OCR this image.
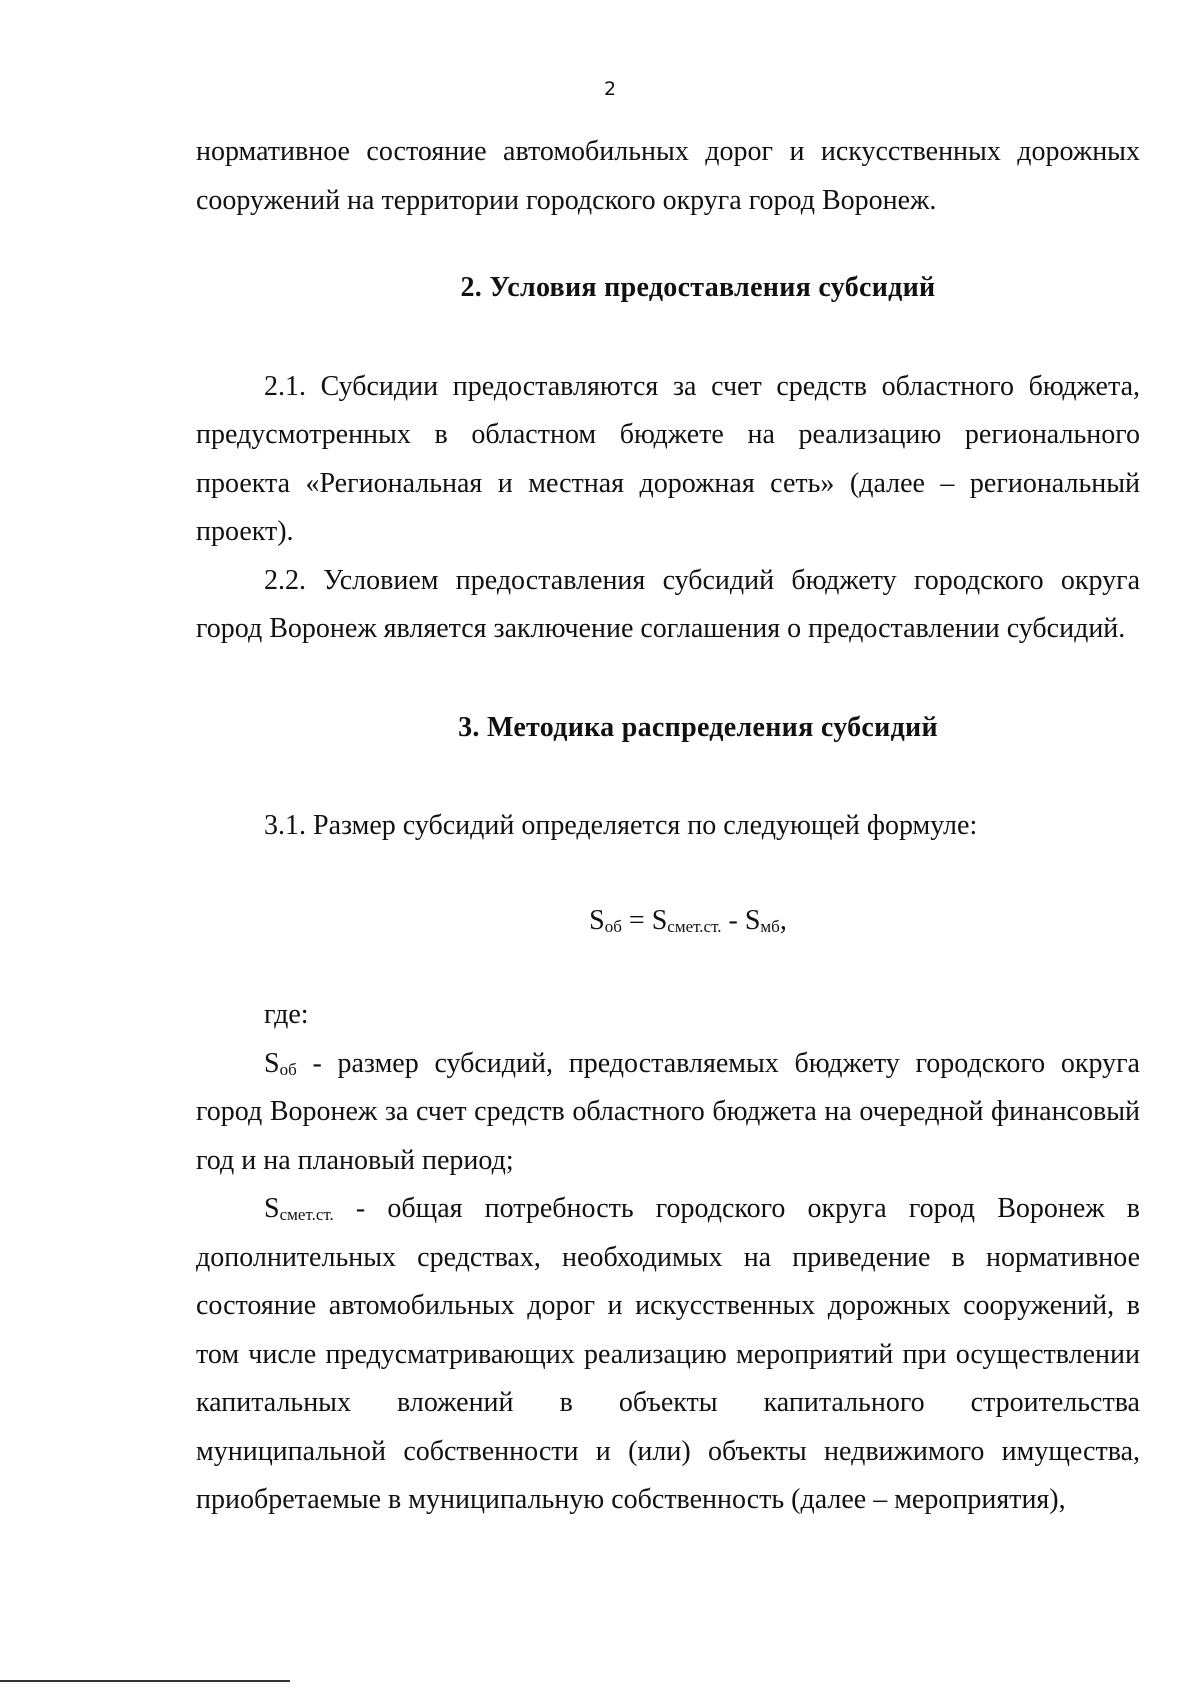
2

нормативное состояние автомобильных дорог и искусственных дорожных сооружений на территории городского округа город Воронеж.

2. Условия предоставления субсидий

2.1. Субсидии предоставляются за счет средств областного бюджета, предусмотренных в областном бюджете на реализацию регионального проекта «Региональная и местная дорожная сеть» (далее – региональный проект).

2.2. Условием предоставления субсидий бюджету городского округа город Воронеж является заключение соглашения о предоставлении субсидий.

3. Методика распределения субсидий

3.1. Размер субсидий определяется по следующей формуле:

$S_{об} = S_{смет.ст.} - S_{мб}$,

где:

$S_{об}$ - размер субсидий, предоставляемых бюджету городского округа город Воронеж за счет средств областного бюджета на очередной финансовый год и на плановый период;

$S_{смет.ст.}$ - общая потребность городского округа город Воронеж в дополнительных средствах, необходимых на приведение в нормативное состояние автомобильных дорог и искусственных дорожных сооружений, в том числе предусматривающих реализацию мероприятий при осуществлении капитальных вложений в объекты капитального строительства муниципальной собственности и (или) объекты недвижимого имущества, приобретаемые в муниципальную собственность (далее – мероприятия),
